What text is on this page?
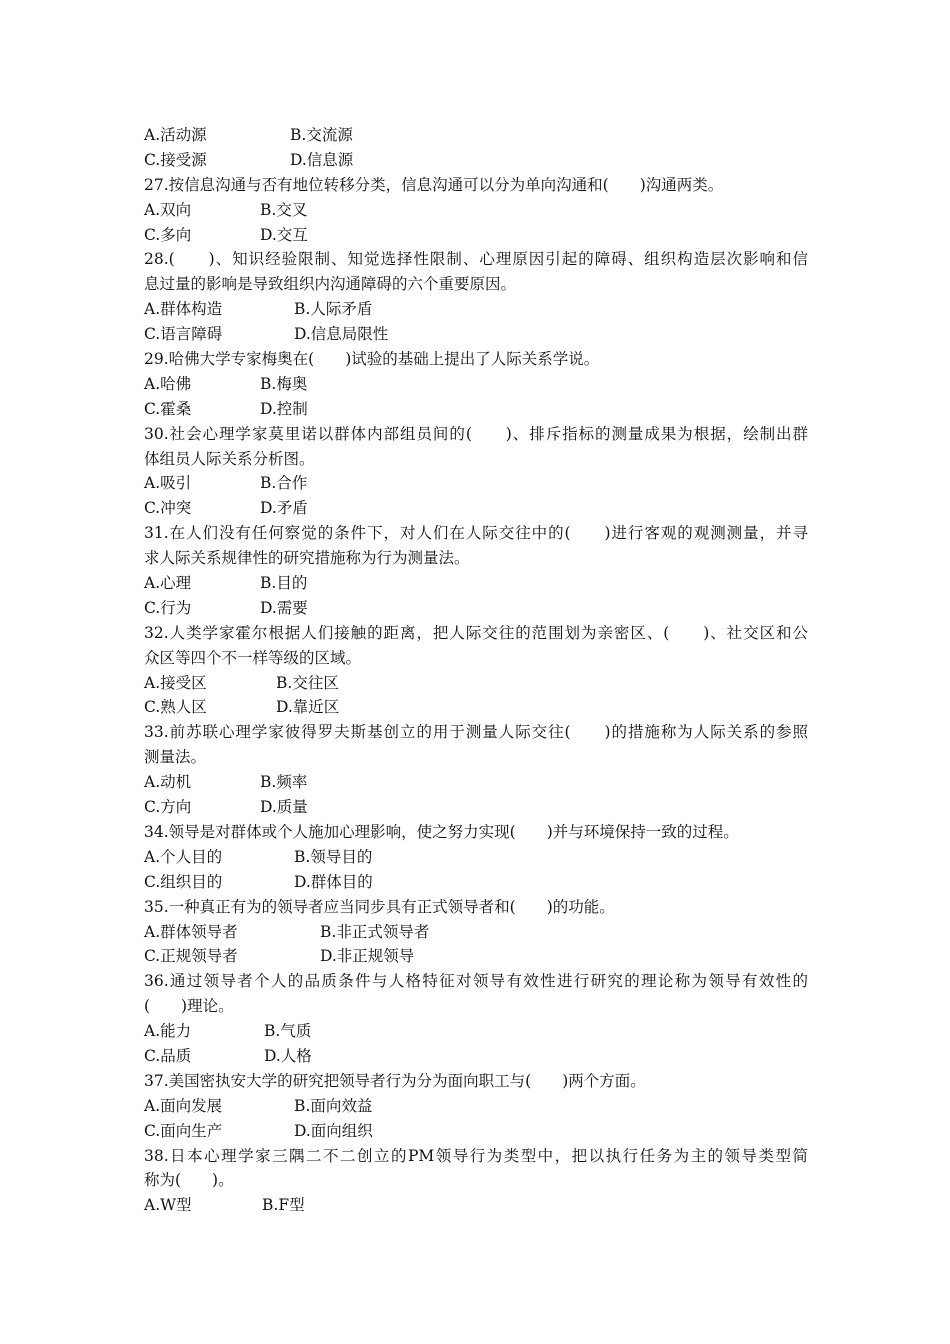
A.活动源	B.交流源
C.接受源	D.信息源
27.按信息沟通与否有地位转移分类，信息沟通可以分为单向沟通和(　　)沟通两类。
A.双向	B.交叉
C.多向	D.交互
28.(　　)、知识经验限制、知觉选择性限制、心理原因引起的障碍、组织构造层次影响和信
息过量的影响是导致组织内沟通障碍的六个重要原因。
A.群体构造	B.人际矛盾
C.语言障碍	D.信息局限性
29.哈佛大学专家梅奥在(　　)试验的基础上提出了人际关系学说。
A.哈佛	B.梅奥
C.霍桑	D.控制
30.社会心理学家莫里诺以群体内部组员间的(　　)、排斥指标的测量成果为根据，绘制出群
体组员人际关系分析图。
A.吸引	B.合作
C.冲突	D.矛盾
31.在人们没有任何察觉的条件下，对人们在人际交往中的(　　)进行客观的观测测量，并寻
求人际关系规律性的研究措施称为行为测量法。
A.心理	B.目的
C.行为	D.需要
32.人类学家霍尔根据人们接触的距离，把人际交往的范围划为亲密区、(　　)、社交区和公
众区等四个不一样等级的区域。
A.接受区	B.交往区
C.熟人区	D.靠近区
33.前苏联心理学家彼得罗夫斯基创立的用于测量人际交往(　　)的措施称为人际关系的参照
测量法。
A.动机	B.频率
C.方向	D.质量
34.领导是对群体或个人施加心理影响，使之努力实现(　　)并与环境保持一致的过程。
A.个人目的	B.领导目的
C.组织目的	D.群体目的
35.一种真正有为的领导者应当同步具有正式领导者和(　　)的功能。
A.群体领导者	B.非正式领导者
C.正规领导者	D.非正规领导
36.通过领导者个人的品质条件与人格特征对领导有效性进行研究的理论称为领导有效性的
(　　)理论。
A.能力	B.气质
C.品质	D.人格
37.美国密执安大学的研究把领导者行为分为面向职工与(　　)两个方面。
A.面向发展	B.面向效益
C.面向生产	D.面向组织
38.日本心理学家三隅二不二创立的PM领导行为类型中，把以执行任务为主的领导类型简
称为(　　)。
A.W型	B.F型
